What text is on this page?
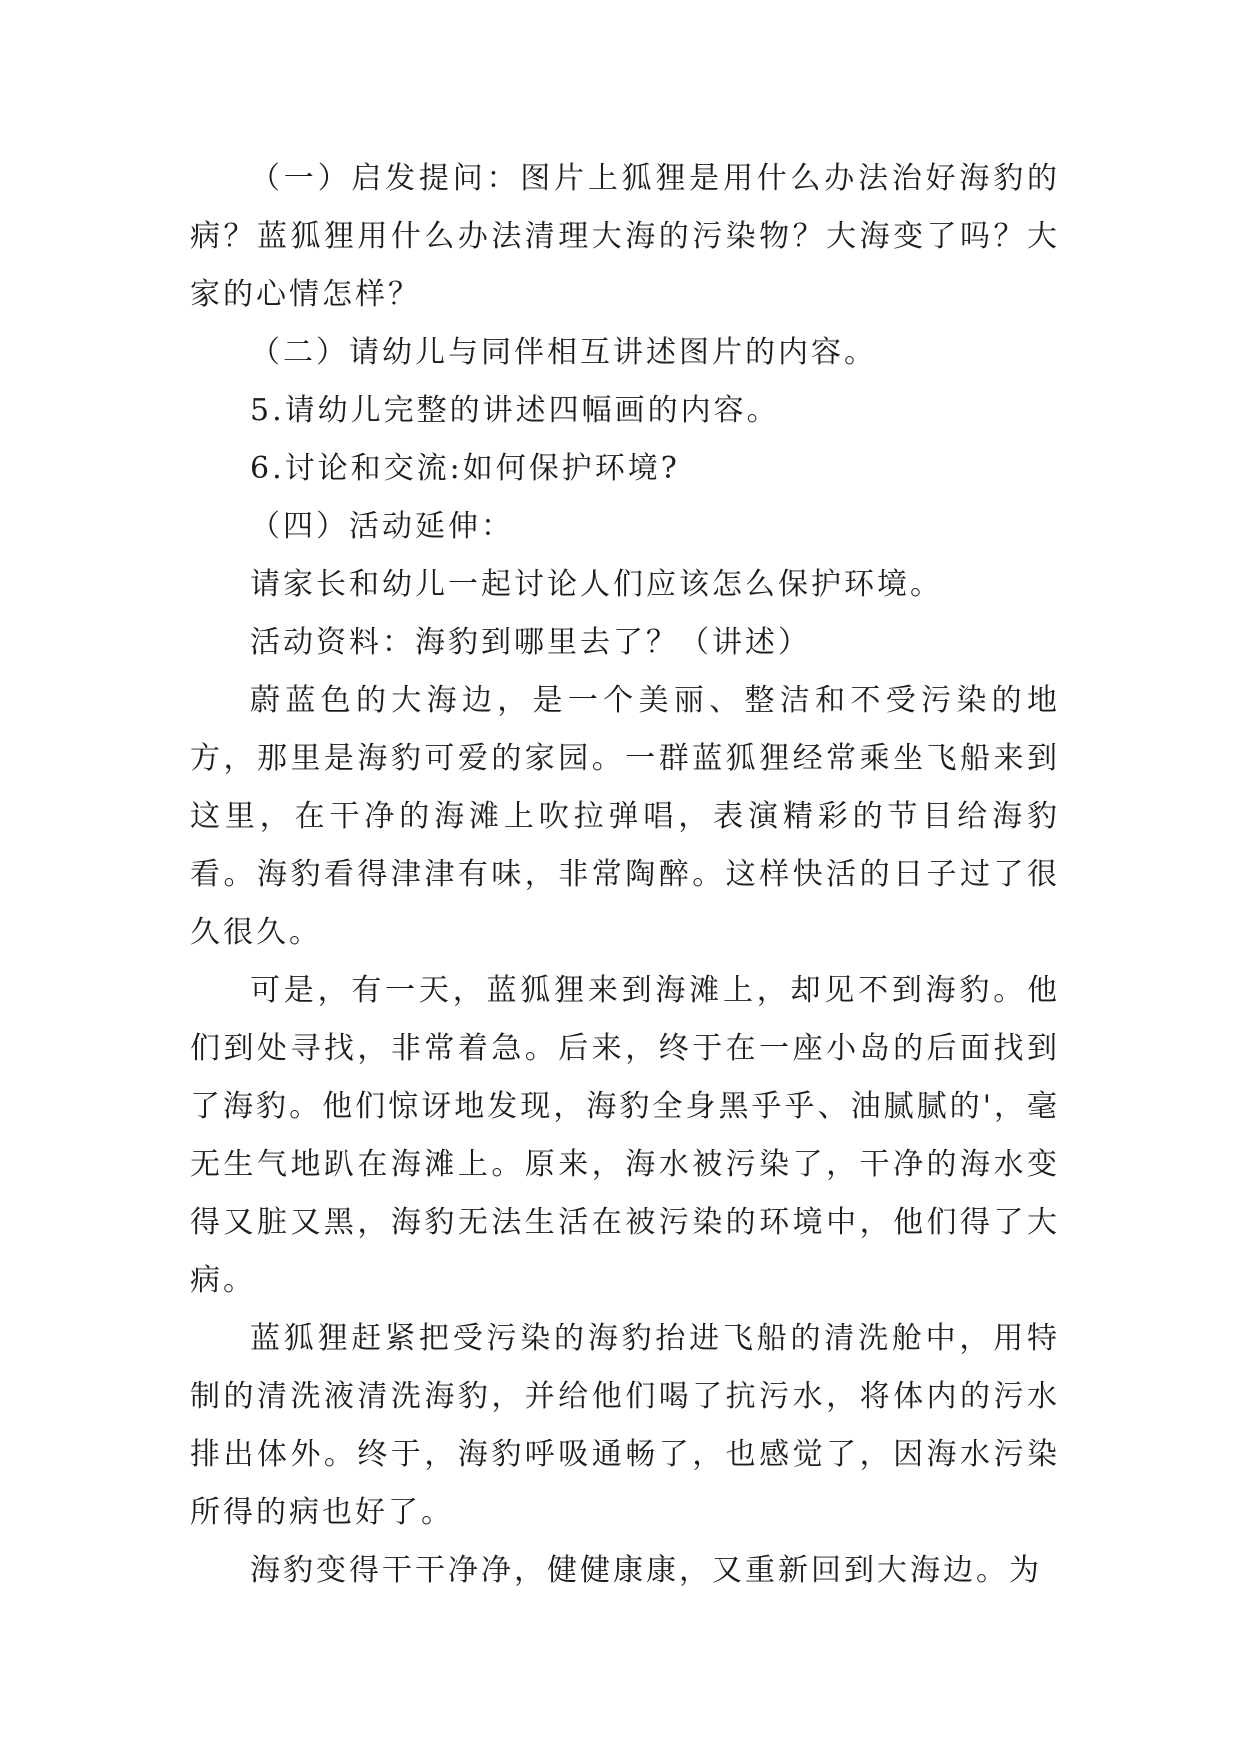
（一）启发提问：图片上狐狸是用什么办法治好海豹的病？蓝狐狸用什么办法清理大海的污染物？大海变了吗？大家的心情怎样？

（二）请幼儿与同伴相互讲述图片的内容。

5.请幼儿完整的讲述四幅画的内容。

6.讨论和交流:如何保护环境?

（四）活动延伸：

请家长和幼儿一起讨论人们应该怎么保护环境。

活动资料：海豹到哪里去了？（讲述）

蔚蓝色的大海边，是一个美丽、整洁和不受污染的地方，那里是海豹可爱的家园。一群蓝狐狸经常乘坐飞船来到这里，在干净的海滩上吹拉弹唱，表演精彩的节目给海豹看。海豹看得津津有味，非常陶醉。这样快活的日子过了很久很久。

可是，有一天，蓝狐狸来到海滩上，却见不到海豹。他们到处寻找，非常着急。后来，终于在一座小岛的后面找到了海豹。他们惊讶地发现，海豹全身黑乎乎、油腻腻的'，毫无生气地趴在海滩上。原来，海水被污染了，干净的海水变得又脏又黑，海豹无法生活在被污染的环境中，他们得了大病。

蓝狐狸赶紧把受污染的海豹抬进飞船的清洗舱中，用特制的清洗液清洗海豹，并给他们喝了抗污水，将体内的污水排出体外。终于，海豹呼吸通畅了，也感觉了，因海水污染所得的病也好了。

海豹变得干干净净，健健康康，又重新回到大海边。为
